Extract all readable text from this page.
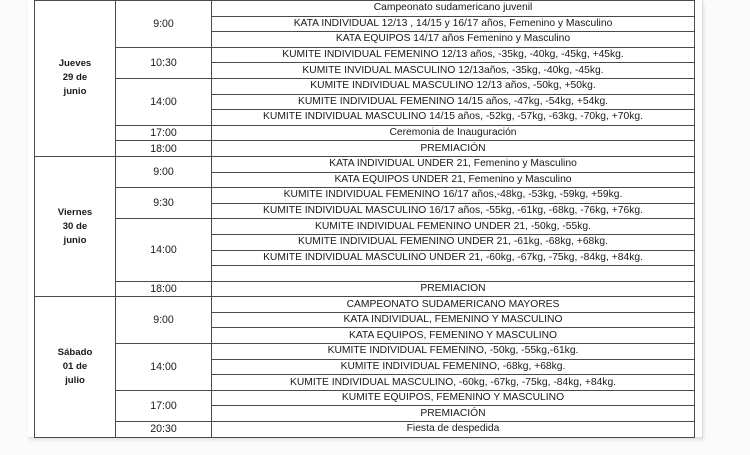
Jueves
29 de
junio	9:00	Campeonato sudamericano juvenil
		KATA INDIVIDUAL 12/13 , 14/15 y 16/17 años, Femenino y Masculino
		KATA EQUIPOS 14/17 años Femenino y Masculino
	10:30	KUMITE INDIVIDUAL FEMENINO 12/13 años, -35kg, -40kg, -45kg, +45kg.
		KUMITE INVIDUAL MASCULINO 12/13años, -35kg, -40kg, -45kg.
	14:00	KUMITE INDIVIDUAL MASCULINO 12/13 años, -50kg, +50kg.
		KUMITE INDIVIDUAL FEMENINO 14/15 años, -47kg, -54kg, +54kg.
		KUMITE INDIVIDUAL MASCULINO 14/15 años, -52kg, -57kg, -63kg, -70kg, +70kg.
	17:00	Ceremonia de Inauguración
	18:00	PREMIACIÓN
Viernes
30 de
junio	9:00	KATA INDIVIDUAL UNDER 21, Femenino y Masculino
		KATA EQUIPOS UNDER 21, Femenino y Masculino
	9:30	KUMITE INDIVIDUAL FEMENINO 16/17 años,-48kg, -53kg, -59kg, +59kg.
		KUMITE INDIVIDUAL MASCULINO 16/17 años, -55kg, -61kg, -68kg, -76kg, +76kg.
	14:00	KUMITE INDIVIDUAL FEMENINO UNDER 21, -50kg, -55kg.
		KUMITE INDIVIDUAL FEMENINO UNDER 21, -61kg, -68kg, +68kg.
		KUMITE INDIVIDUAL MASCULINO UNDER 21, -60kg, -67kg, -75kg, -84kg, +84kg.

	18:00	PREMIACION
Sábado
01 de
julio	9:00	CAMPEONATO SUDAMERICANO MAYORES
		KATA INDIVIDUAL, FEMENINO Y MASCULINO
		KATA EQUIPOS, FEMENINO Y MASCULINO
	14:00	KUMITE INDIVIDUAL FEMENINO, -50kg, -55kg,-61kg.
		KUMITE INDIVIDUAL FEMENINO, -68kg, +68kg.
		KUMITE INDIVIDUAL MASCULINO, -60kg, -67kg, -75kg, -84kg, +84kg.
	17:00	KUMITE EQUIPOS, FEMENINO Y MASCULINO
		PREMIACIÓN
	20:30	Fiesta de despedida
